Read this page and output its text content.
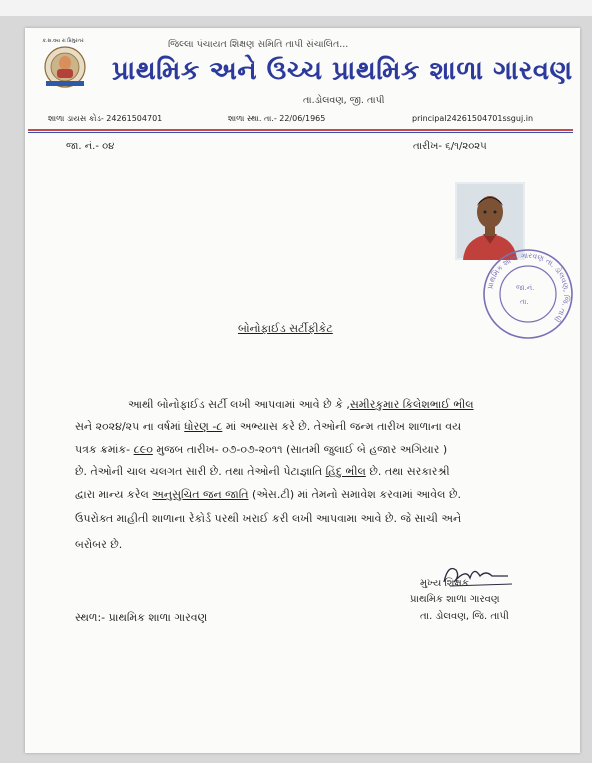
ક.સ.વય રા પ્રિમુરતર	જિલ્લા પંચાયત શિક્ષણ સમિતિ તાપી સંચાલિત...
પ્રાથમિક અને ઉચ્ચ પ્રાથમિક શાળા ગારવણ
તા.ડોલવણ, જી. તાપી
શાળા ડાયસ કોડ- 24261504701	શાળા સ્થા. તા.- 22/06/1965	principal24261504701ssguj.in
જા. નં.- ૦૪	તારીખ- ૬/૧/૨૦૨૫
પ્રાથમિક શાળા ગારવણ તા. ડોલવણ, જિ. તાપી
જા.નં.
તા.
બોનોફાઈડ સર્ટીફીકેટ
આથી બોનોફાઈડ સર્ટી લખી આપવામાં આવે છે કે ,સમીરકુમાર કિલેશભાઈ ભીલ
સને ૨૦૨૪/૨૫ ના વર્ષમાં ધોરણ -૮ માં અભ્યાસ કરે છે. તેઓની જન્મ તારીખ શાળાના વય
પત્રક ક્રમાંક- ૮૯૦ મુજબ તારીખ- ૦૭-૦૭-૨૦૧૧ (સાતમી જુલાઈ બે હજાર અગિયાર )
છે. તેઓની ચાલ ચલગત સારી છે. તથા તેઓની પેટાજ્ઞાતિ હિંદુ ભીલ છે. તથા સરકારશ્રી
દ્વારા માન્ય કરેલ અનુસુચિત જન જાતિ (એસ.ટી) માં તેમનો સમાવેશ કરવામાં આવેલ છે.
ઉપરોક્ત માહીતી શાળાના રેકોર્ડ પરથી ખરાઈ કરી લખી આપવામા આવે છે. જે સાચી અને
બરોબર છે.
મુખ્ય શિક્ષક
પ્રાથમિક શાળા ગારવણ
તા. ડોલવણ, જિ. તાપી
સ્થળ:- પ્રાથમિક શાળા ગારવણ
